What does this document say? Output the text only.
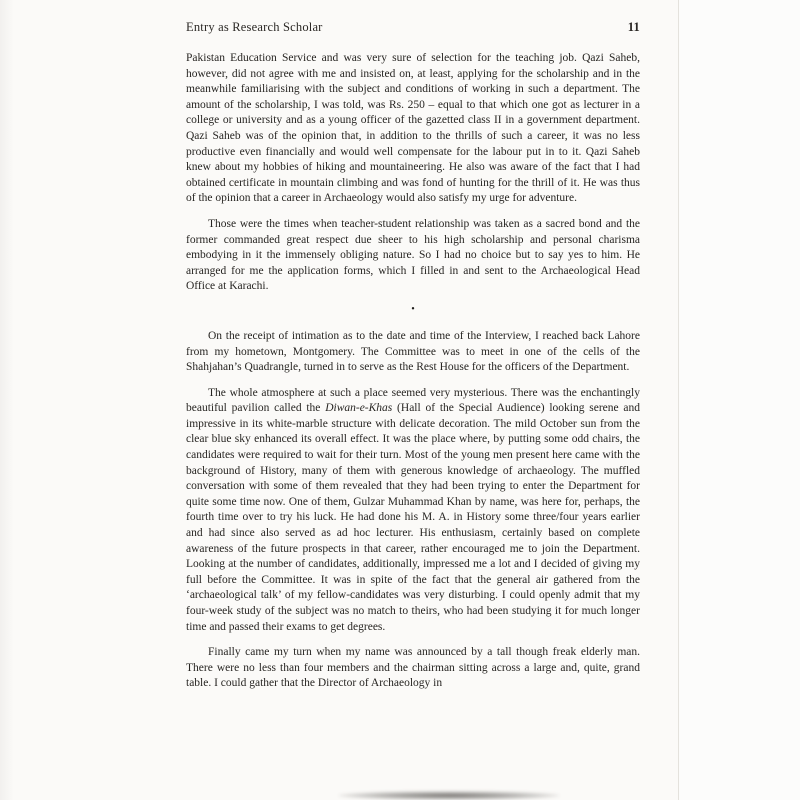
Entry as Research Scholar	11

Pakistan Education Service and was very sure of selection for the teaching job. Qazi Saheb, however, did not agree with me and insisted on, at least, applying for the scholarship and in the meanwhile familiarising with the subject and conditions of working in such a department. The amount of the scholarship, I was told, was Rs. 250 – equal to that which one got as lecturer in a college or university and as a young officer of the gazetted class II in a government department. Qazi Saheb was of the opinion that, in addition to the thrills of such a career, it was no less productive even financially and would well compensate for the labour put in to it. Qazi Saheb knew about my hobbies of hiking and mountaineering. He also was aware of the fact that I had obtained certificate in mountain climbing and was fond of hunting for the thrill of it. He was thus of the opinion that a career in Archaeology would also satisfy my urge for adventure.

Those were the times when teacher-student relationship was taken as a sacred bond and the former commanded great respect due sheer to his high scholarship and personal charisma embodying in it the immensely obliging nature. So I had no choice but to say yes to him. He arranged for me the application forms, which I filled in and sent to the Archaeological Head Office at Karachi.

•

On the receipt of intimation as to the date and time of the Interview, I reached back Lahore from my hometown, Montgomery. The Committee was to meet in one of the cells of the Shahjahan’s Quadrangle, turned in to serve as the Rest House for the officers of the Department.

The whole atmosphere at such a place seemed very mysterious. There was the enchantingly beautiful pavilion called the Diwan-e-Khas (Hall of the Special Audience) looking serene and impressive in its white-marble structure with delicate decoration. The mild October sun from the clear blue sky enhanced its overall effect. It was the place where, by putting some odd chairs, the candidates were required to wait for their turn. Most of the young men present here came with the background of History, many of them with generous knowledge of archaeology. The muffled conversation with some of them revealed that they had been trying to enter the Department for quite some time now. One of them, Gulzar Muhammad Khan by name, was here for, perhaps, the fourth time over to try his luck. He had done his M. A. in History some three/four years earlier and had since also served as ad hoc lecturer. His enthusiasm, certainly based on complete awareness of the future prospects in that career, rather encouraged me to join the Department. Looking at the number of candidates, additionally, impressed me a lot and I decided of giving my full before the Committee. It was in spite of the fact that the general air gathered from the ‘archaeological talk’ of my fellow-candidates was very disturbing. I could openly admit that my four-week study of the subject was no match to theirs, who had been studying it for much longer time and passed their exams to get degrees.

Finally came my turn when my name was announced by a tall though freak elderly man. There were no less than four members and the chairman sitting across a large and, quite, grand table. I could gather that the Director of Archaeology in
